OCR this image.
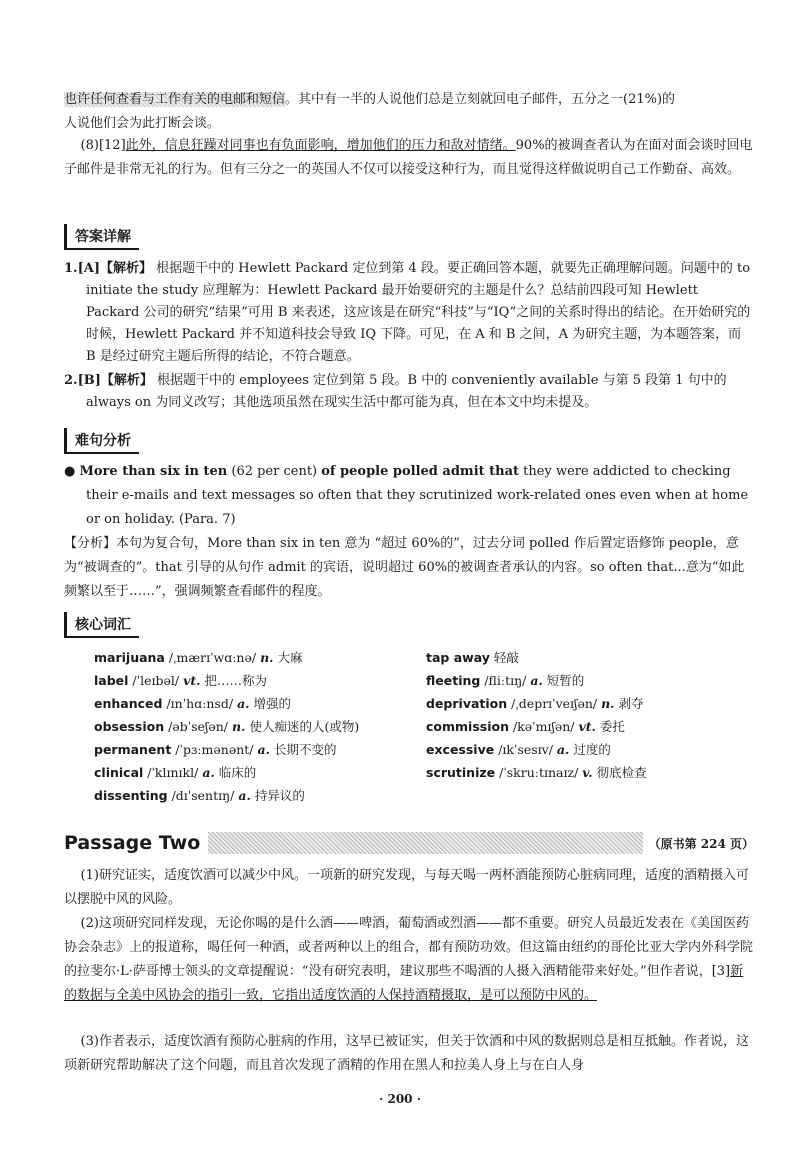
也许任何查看与工作有关的电邮和短信。其中有一半的人说他们总是立刻就回电子邮件，五分之一(21%)的
人说他们会为此打断会谈。
(8)[12]此外，信息狂躁对同事也有负面影响，增加他们的压力和敌对情绪。90%的被调查者认为在面对面会谈时回电子邮件是非常无礼的行为。但有三分之一的英国人不仅可以接受这种行为，而且觉得这样做说明自己工作勤奋、高效。
答案详解
1.[A]【解析】 根据题干中的 Hewlett Packard 定位到第 4 段。要正确回答本题，就要先正确理解问题。问题中的 to initiate the study 应理解为：Hewlett Packard 最开始要研究的主题是什么？总结前四段可知 Hewlett Packard 公司的研究“结果”可用 B 来表述，这应该是在研究“科技”与“IQ”之间的关系时得出的结论。在开始研究的时候，Hewlett Packard 并不知道科技会导致 IQ 下降。可见，在 A 和 B 之间，A 为研究主题，为本题答案，而 B 是经过研究主题后所得的结论，不符合题意。
2.[B]【解析】 根据题干中的 employees 定位到第 5 段。B 中的 conveniently available 与第 5 段第 1 句中的 always on 为同义改写；其他选项虽然在现实生活中都可能为真，但在本文中均未提及。
难句分析
● More than six in ten (62 per cent) of people polled admit that they were addicted to checking their e-mails and text messages so often that they scrutinized work-related ones even when at home or on holiday. (Para. 7)
【分析】本句为复合句，More than six in ten 意为 “超过 60%的”，过去分词 polled 作后置定语修饰 people，意为“被调查的”。that 引导的从句作 admit 的宾语，说明超过 60%的被调查者承认的内容。so often that...意为“如此频繁以至于……”，强调频繁查看邮件的程度。
核心词汇
marijuana /ˌmærɪˈwɑːnə/ n. 大麻
label /ˈleɪbəl/ vt. 把……称为
enhanced /ɪnˈhɑːnsd/ a. 增强的
obsession /əbˈseʃən/ n. 使人痴迷的人(或物)
permanent /ˈpɜːmənənt/ a. 长期不变的
clinical /ˈklɪnɪkl/ a. 临床的
dissenting /dɪˈsentɪŋ/ a. 持异议的
tap away 轻敲
fleeting /fliːtɪŋ/ a. 短暂的
deprivation /ˌdeprɪˈveɪʃən/ n. 剥夺
commission /kəˈmɪʃən/ vt. 委托
excessive /ɪkˈsesɪv/ a. 过度的
scrutinize /ˈskruːtɪnaɪz/ v. 彻底检查
Passage Two	（原书第 224 页）
(1)研究证实，适度饮酒可以减少中风。一项新的研究发现，与每天喝一两杯酒能预防心脏病同理，适度的酒精摄入可以摆脱中风的风险。
(2)这项研究同样发现，无论你喝的是什么酒——啤酒，葡萄酒或烈酒——都不重要。研究人员最近发表在《美国医药协会杂志》上的报道称，喝任何一种酒，或者两种以上的组合，都有预防功效。但这篇由纽约的哥伦比亚大学内外科学院的拉斐尔·L·萨哥博士领头的文章提醒说：“没有研究表明，建议那些不喝酒的人摄入酒精能带来好处。”但作者说，[3]新的数据与全美中风协会的指引一致，它指出适度饮酒的人保持酒精摄取，是可以预防中风的。
(3)作者表示，适度饮酒有预防心脏病的作用，这早已被证实，但关于饮酒和中风的数据则总是相互抵触。作者说，这项新研究帮助解决了这个问题，而且首次发现了酒精的作用在黑人和拉美人身上与在白人身
· 200 ·
